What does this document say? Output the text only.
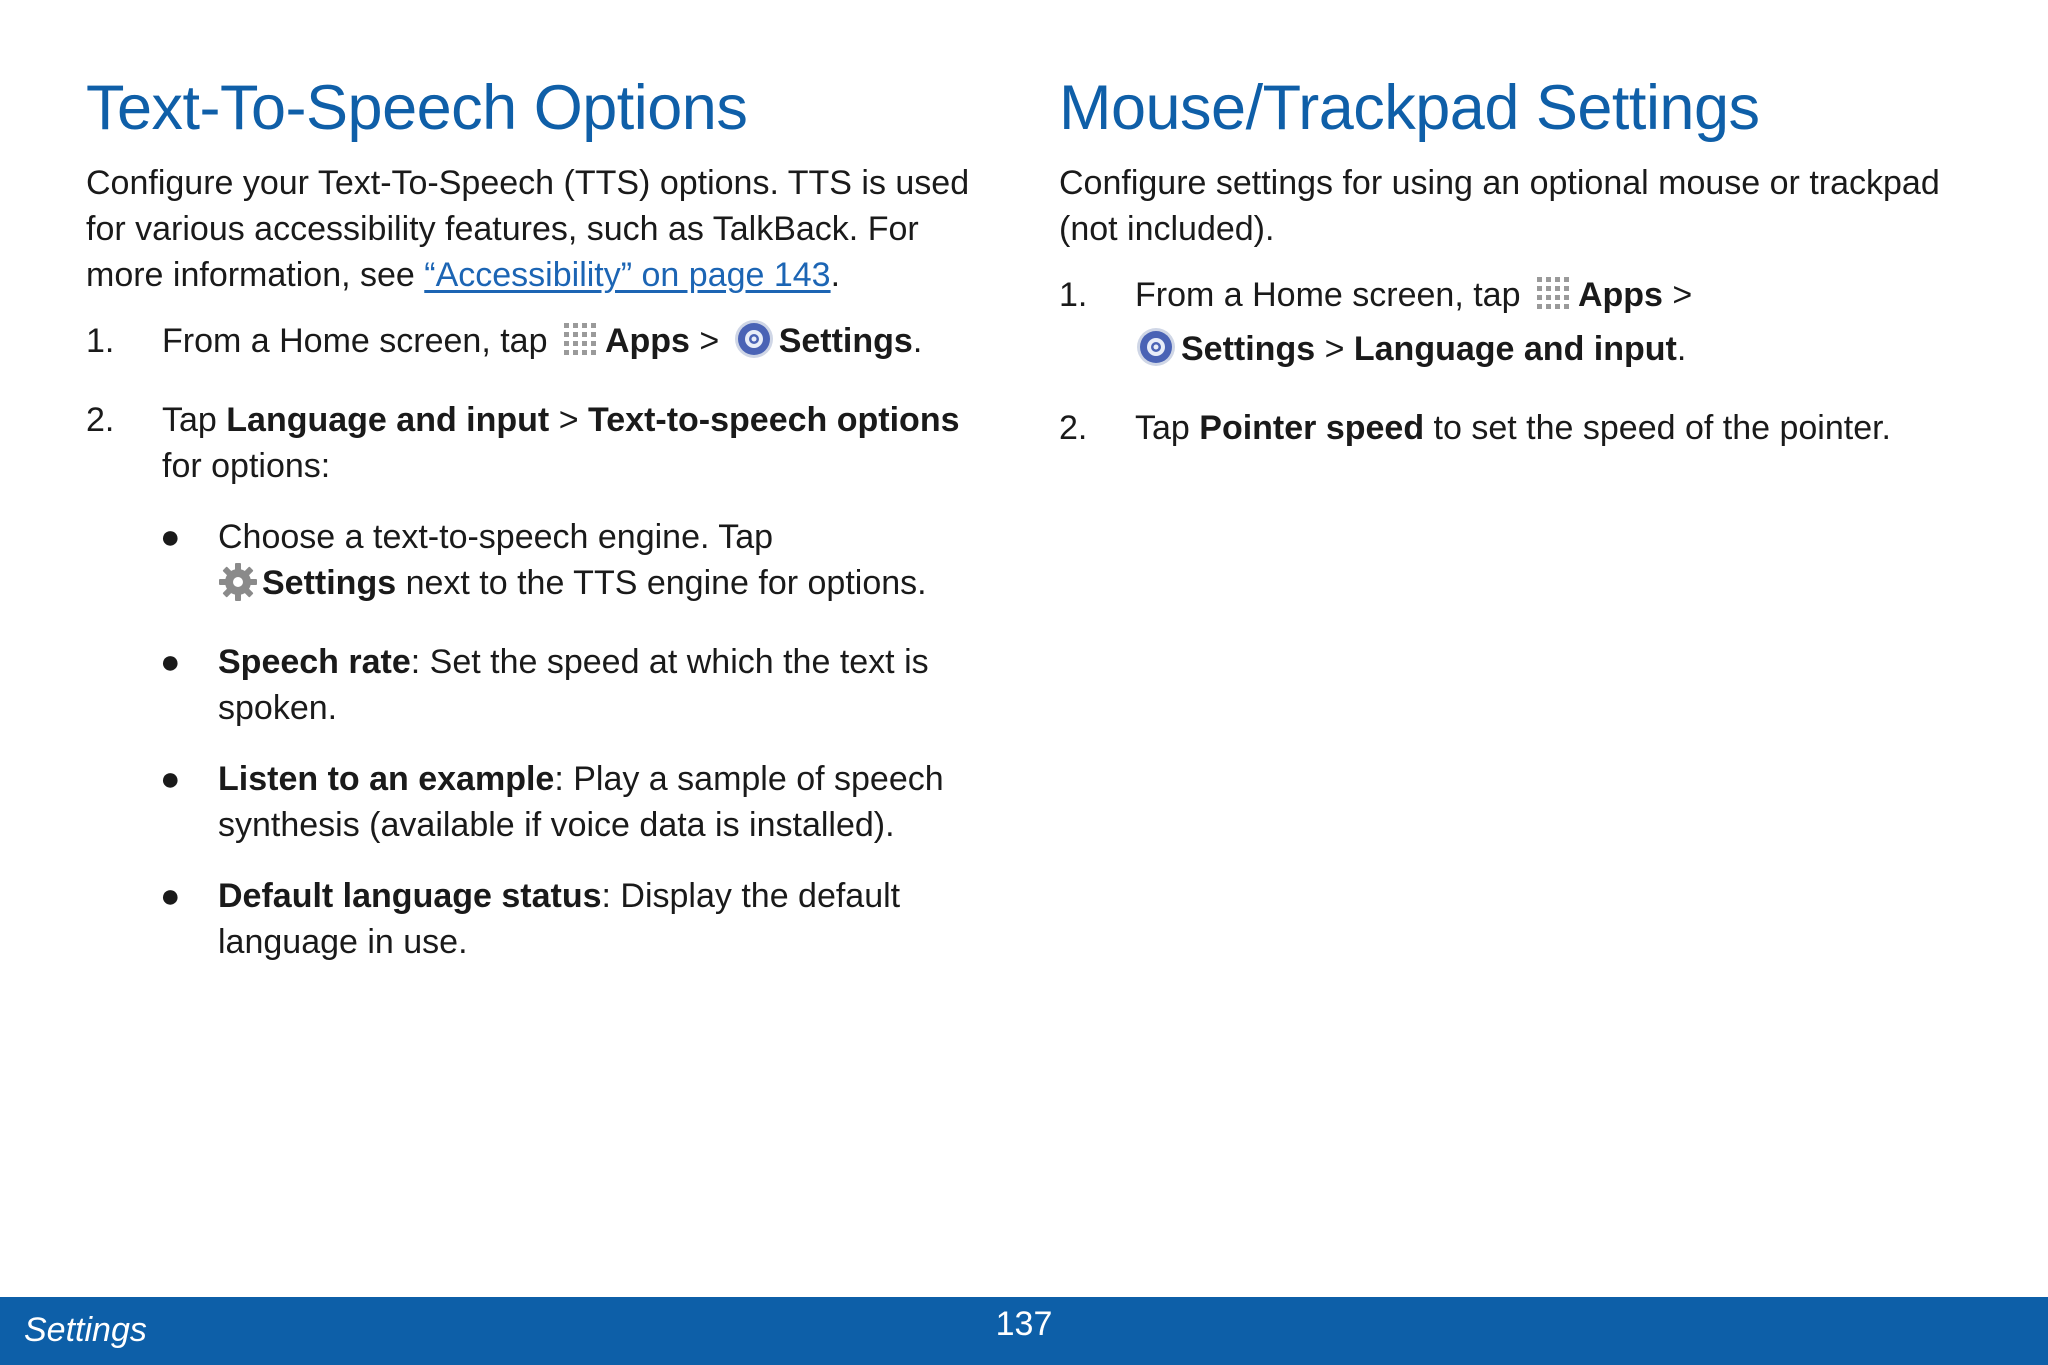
Text-To-Speech Options

Configure your Text-To-Speech (TTS) options. TTS is used for various accessibility features, such as TalkBack. For more information, see “Accessibility” on page 143.

1.	From a Home screen, tap Apps > Settings.
2.	Tap Language and input > Text-to-speech options for options:
●	Choose a text-to-speech engine. Tap
Settings next to the TTS engine for options.
●	Speech rate: Set the speed at which the text is spoken.
●	Listen to an example: Play a sample of speech synthesis (available if voice data is installed).
●	Default language status: Display the default language in use.
Mouse/Trackpad Settings

Configure settings for using an optional mouse or trackpad (not included).

1.	From a Home screen, tap Apps >
Settings > Language and input.
2.	Tap Pointer speed to set the speed of the pointer.
Settings	137
